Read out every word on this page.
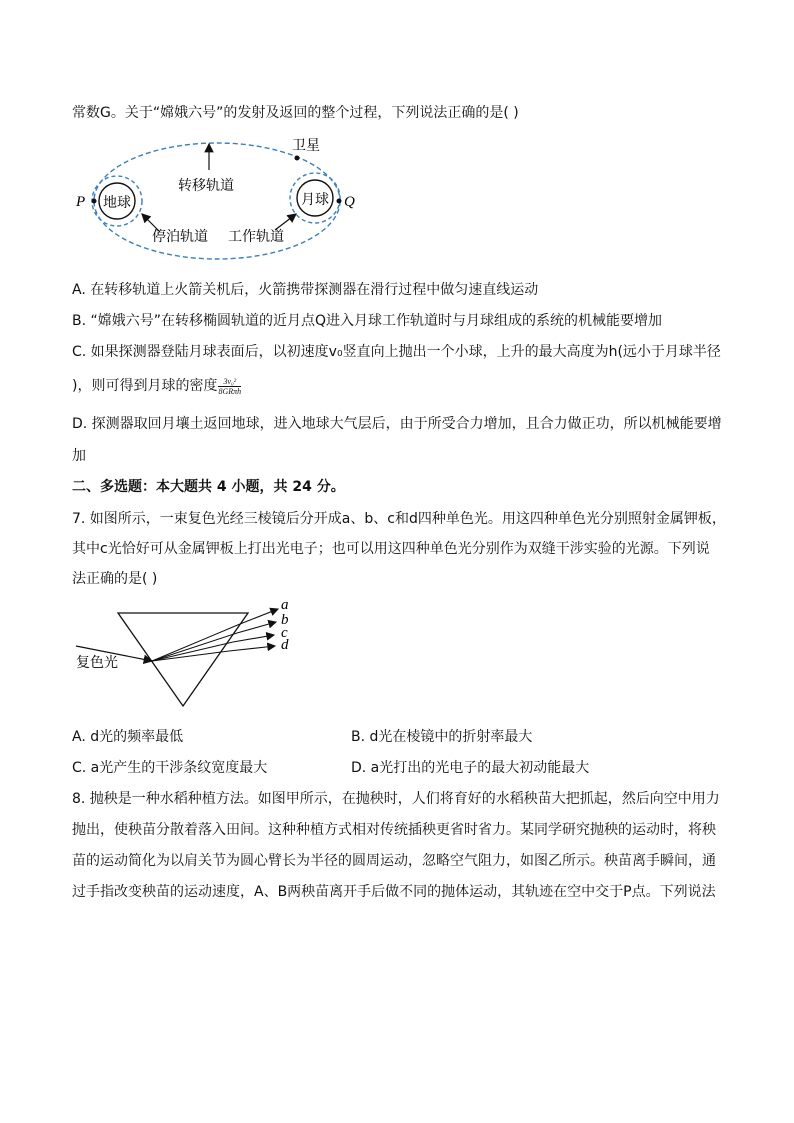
常数G。关于“嫦娥六号”的发射及返回的整个过程，下列说法正确的是( )
地球	月球
P	Q
卫星
转移轨道
停泊轨道 工作轨道
A. 在转移轨道上火箭关机后，火箭携带探测器在滑行过程中做匀速直线运动
B. “嫦娥六号”在转移椭圆轨道的近月点Q进入月球工作轨道时与月球组成的系统的机械能要增加
C. 如果探测器登陆月球表面后，以初速度v₀竖直向上抛出一个小球，上升的最大高度为h(远小于月球半径
)，则可得到月球的密度 $\frac{\text{3v₀²}}{\text{8GRπh}}$
D. 探测器取回月壤土返回地球，进入地球大气层后，由于所受合力增加，且合力做正功，所以机械能要增
加
二、多选题：本大题共 4 小题，共 24 分。
7. 如图所示，一束复色光经三棱镜后分开成a、b、c和d四种单色光。用这四种单色光分别照射金属钾板，
其中c光恰好可从金属钾板上打出光电子；也可以用这四种单色光分别作为双缝干涉实验的光源。下列说
法正确的是( )
复色光
a
b
c
d
A. d光的频率最低	B. d光在棱镜中的折射率最大
C. a光产生的干涉条纹宽度最大	D. a光打出的光电子的最大初动能最大
8. 抛秧是一种水稻种植方法。如图甲所示，在抛秧时，人们将育好的水稻秧苗大把抓起，然后向空中用力
抛出，使秧苗分散着落入田间。这种种植方式相对传统插秧更省时省力。某同学研究抛秧的运动时，将秧
苗的运动简化为以肩关节为圆心臂长为半径的圆周运动，忽略空气阻力，如图乙所示。秧苗离手瞬间，通
过手指改变秧苗的运动速度，A、B两秧苗离开手后做不同的抛体运动，其轨迹在空中交于P点。下列说法
